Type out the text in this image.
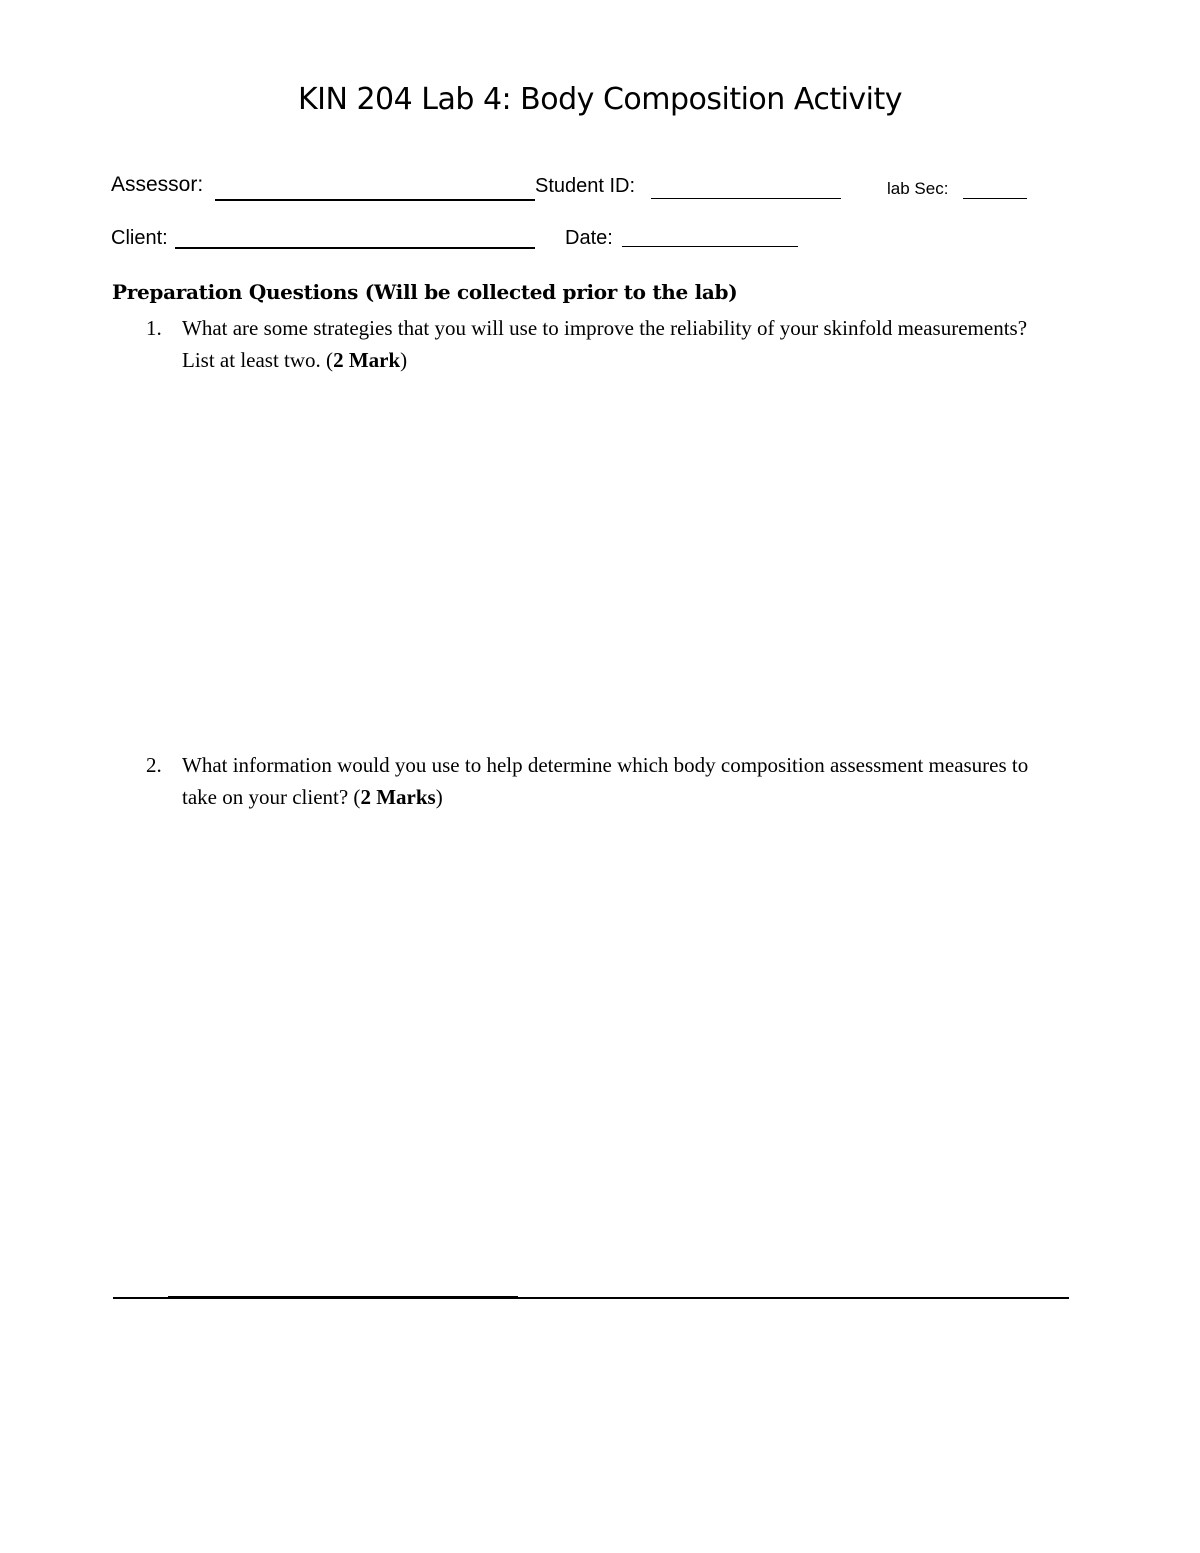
KIN 204 Lab 4: Body Composition Activity
Assessor:	Student ID:	lab Sec:
Client:	Date:
Preparation Questions (Will be collected prior to the lab)
1. What are some strategies that you will use to improve the reliability of your skinfold measurements? List at least two. (2 Mark)
2. What information would you use to help determine which body composition assessment measures to take on your client? (2 Marks)
